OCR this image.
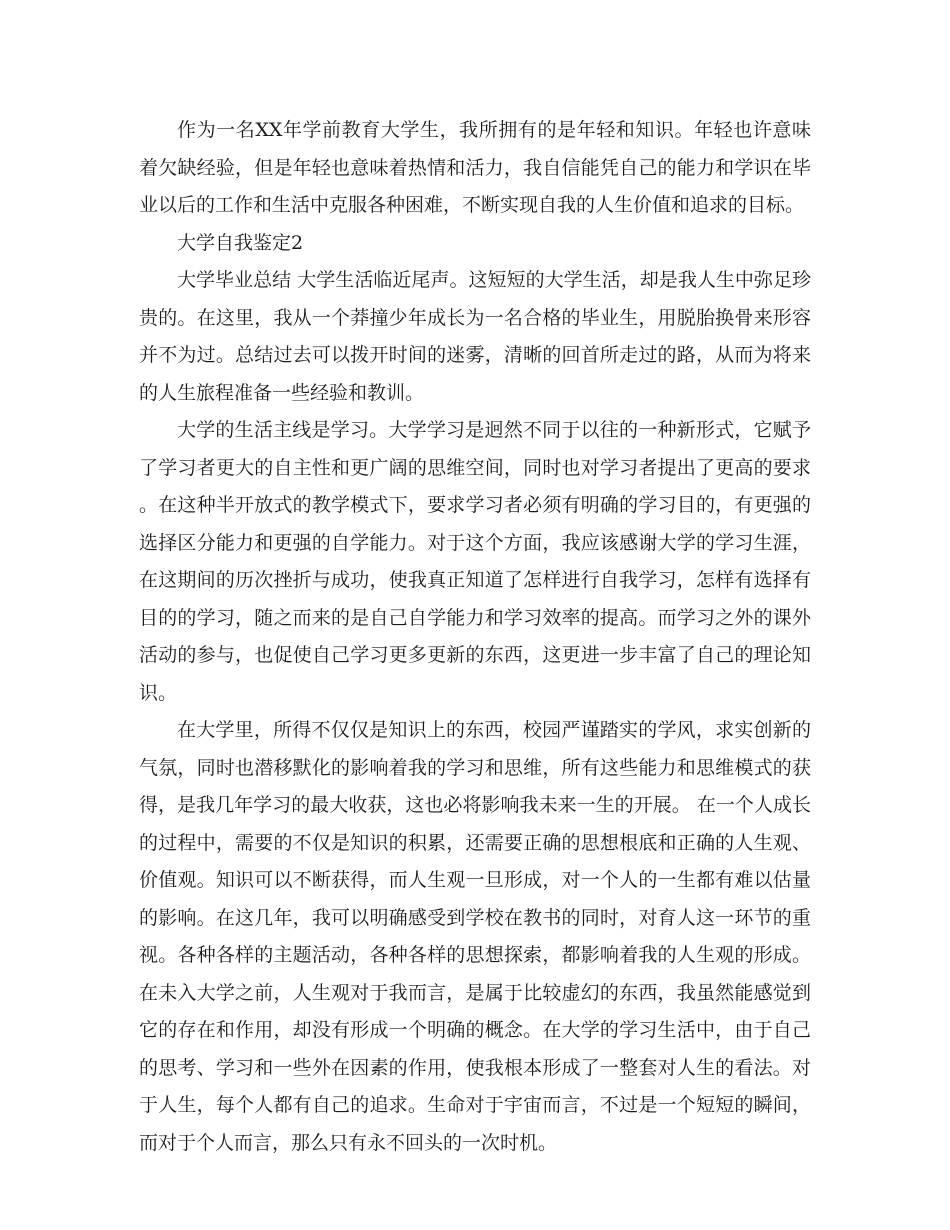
作为一名XX年学前教育大学生，我所拥有的是年轻和知识。年轻也许意味着欠缺经验，但是年轻也意味着热情和活力，我自信能凭自己的能力和学识在毕业以后的工作和生活中克服各种困难，不断实现自我的人生价值和追求的目标。

大学自我鉴定2

大学毕业总结 大学生活临近尾声。这短短的大学生活，却是我人生中弥足珍贵的。在这里，我从一个莽撞少年成长为一名合格的毕业生，用脱胎换骨来形容并不为过。总结过去可以拨开时间的迷雾，清晰的回首所走过的路，从而为将来的人生旅程准备一些经验和教训。

大学的生活主线是学习。大学学习是迥然不同于以往的一种新形式，它赋予了学习者更大的自主性和更广阔的思维空间，同时也对学习者提出了更高的要求。在这种半开放式的教学模式下，要求学习者必须有明确的学习目的，有更强的选择区分能力和更强的自学能力。对于这个方面，我应该感谢大学的学习生涯，在这期间的历次挫折与成功，使我真正知道了怎样进行自我学习，怎样有选择有目的的学习，随之而来的是自己自学能力和学习效率的提高。而学习之外的课外活动的参与，也促使自己学习更多更新的东西，这更进一步丰富了自己的理论知识。

在大学里，所得不仅仅是知识上的东西，校园严谨踏实的学风，求实创新的气氛，同时也潜移默化的影响着我的学习和思维，所有这些能力和思维模式的获得，是我几年学习的最大收获，这也必将影响我未来一生的开展。 在一个人成长的过程中，需要的不仅是知识的积累，还需要正确的思想根底和正确的人生观、价值观。知识可以不断获得，而人生观一旦形成，对一个人的一生都有难以估量的影响。在这几年，我可以明确感受到学校在教书的同时，对育人这一环节的重视。各种各样的主题活动，各种各样的思想探索，都影响着我的人生观的形成。在未入大学之前，人生观对于我而言，是属于比较虚幻的东西，我虽然能感觉到它的存在和作用，却没有形成一个明确的概念。在大学的学习生活中，由于自己的思考、学习和一些外在因素的作用，使我根本形成了一整套对人生的看法。对于人生，每个人都有自己的追求。生命对于宇宙而言，不过是一个短短的瞬间，而对于个人而言，那么只有永不回头的一次时机。
